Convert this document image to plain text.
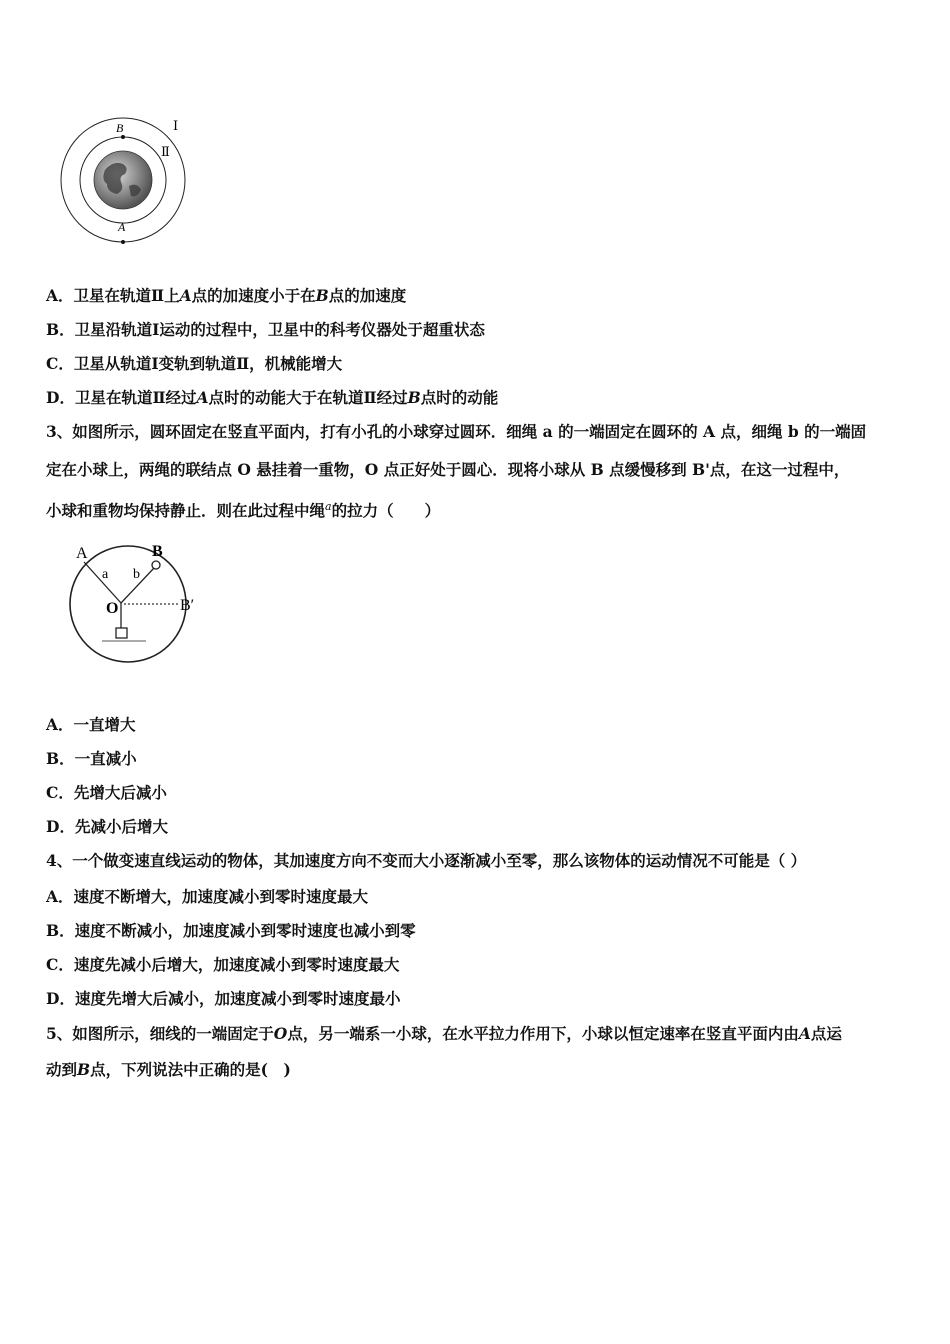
B
A
Ⅰ
Ⅱ
A．卫星在轨道Ⅱ上A点的加速度小于在B点的加速度
B．卫星沿轨道Ⅰ运动的过程中，卫星中的科考仪器处于超重状态
C．卫星从轨道Ⅰ变轨到轨道Ⅱ，机械能增大
D．卫星在轨道Ⅱ经过A点时的动能大于在轨道Ⅱ经过B点时的动能
3、如图所示，圆环固定在竖直平面内，打有小孔的小球穿过圆环．细绳 a 的一端固定在圆环的 A 点，细绳 b 的一端固
定在小球上，两绳的联结点 O 悬挂着一重物，O 点正好处于圆心．现将小球从 B 点缓慢移到 B'点，在这一过程中，
小球和重物均保持静止．则在此过程中绳$^a$的拉力（　　）
A	B
a b
O	B′
A．一直增大
B．一直减小
C．先增大后减小
D．先减小后增大
4、一个做变速直线运动的物体，其加速度方向不变而大小逐渐减小至零，那么该物体的运动情况不可能是（ ）
A．速度不断增大，加速度减小到零时速度最大
B．速度不断减小，加速度减小到零时速度也减小到零
C．速度先减小后增大，加速度减小到零时速度最大
D．速度先增大后减小，加速度减小到零时速度最小
5、如图所示，细线的一端固定于O点，另一端系一小球，在水平拉力作用下，小球以恒定速率在竖直平面内由A点运
动到B点，下列说法中正确的是(　)
